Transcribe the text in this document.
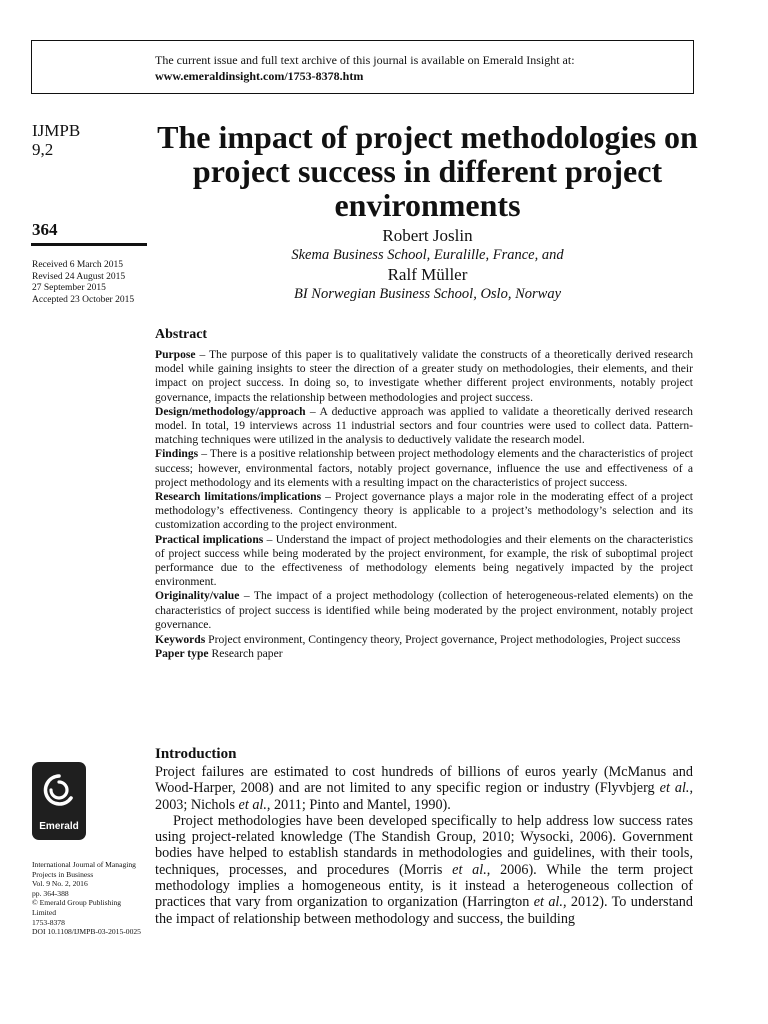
The current issue and full text archive of this journal is available on Emerald Insight at:
www.emeraldinsight.com/1753-8378.htm
IJMPB
9,2
364
Received 6 March 2015
Revised 24 August 2015
27 September 2015
Accepted 23 October 2015
The impact of project methodologies on project success in different project environments
Robert Joslin
Skema Business School, Euralille, France, and
Ralf Müller
BI Norwegian Business School, Oslo, Norway
Abstract

Purpose – The purpose of this paper is to qualitatively validate the constructs of a theoretically derived research model while gaining insights to steer the direction of a greater study on methodologies, their elements, and their impact on project success. In doing so, to investigate whether different project environments, notably project governance, impacts the relationship between methodologies and project success.

Design/methodology/approach – A deductive approach was applied to validate a theoretically derived research model. In total, 19 interviews across 11 industrial sectors and four countries were used to collect data. Pattern-matching techniques were utilized in the analysis to deductively validate the research model.

Findings – There is a positive relationship between project methodology elements and the characteristics of project success; however, environmental factors, notably project governance, influence the use and effectiveness of a project methodology and its elements with a resulting impact on the characteristics of project success.

Research limitations/implications – Project governance plays a major role in the moderating effect of a project methodology’s effectiveness. Contingency theory is applicable to a project’s methodology’s selection and its customization according to the project environment.

Practical implications – Understand the impact of project methodologies and their elements on the characteristics of project success while being moderated by the project environment, for example, the risk of suboptimal project performance due to the effectiveness of methodology elements being negatively impacted by the project environment.

Originality/value – The impact of a project methodology (collection of heterogeneous-related elements) on the characteristics of project success is identified while being moderated by the project environment, notably project governance.

Keywords Project environment, Contingency theory, Project governance, Project methodologies, Project success

Paper type Research paper

Introduction

Project failures are estimated to cost hundreds of billions of euros yearly (McManus and Wood-Harper, 2008) and are not limited to any specific region or industry (Flyvbjerg et al., 2003; Nichols et al., 2011; Pinto and Mantel, 1990).

Project methodologies have been developed specifically to help address low success rates using project-related knowledge (The Standish Group, 2010; Wysocki, 2006). Government bodies have helped to establish standards in methodologies and guidelines, with their tools, techniques, processes, and procedures (Morris et al., 2006). While the term project methodology implies a homogeneous entity, is it instead a heterogeneous collection of practices that vary from organization to organization (Harrington et al., 2012). To understand the impact of relationship between methodology and success, the building

Emerald
International Journal of Managing
Projects in Business
Vol. 9 No. 2, 2016
pp. 364-388
© Emerald Group Publishing Limited
1753-8378
DOI 10.1108/IJMPB-03-2015-0025
